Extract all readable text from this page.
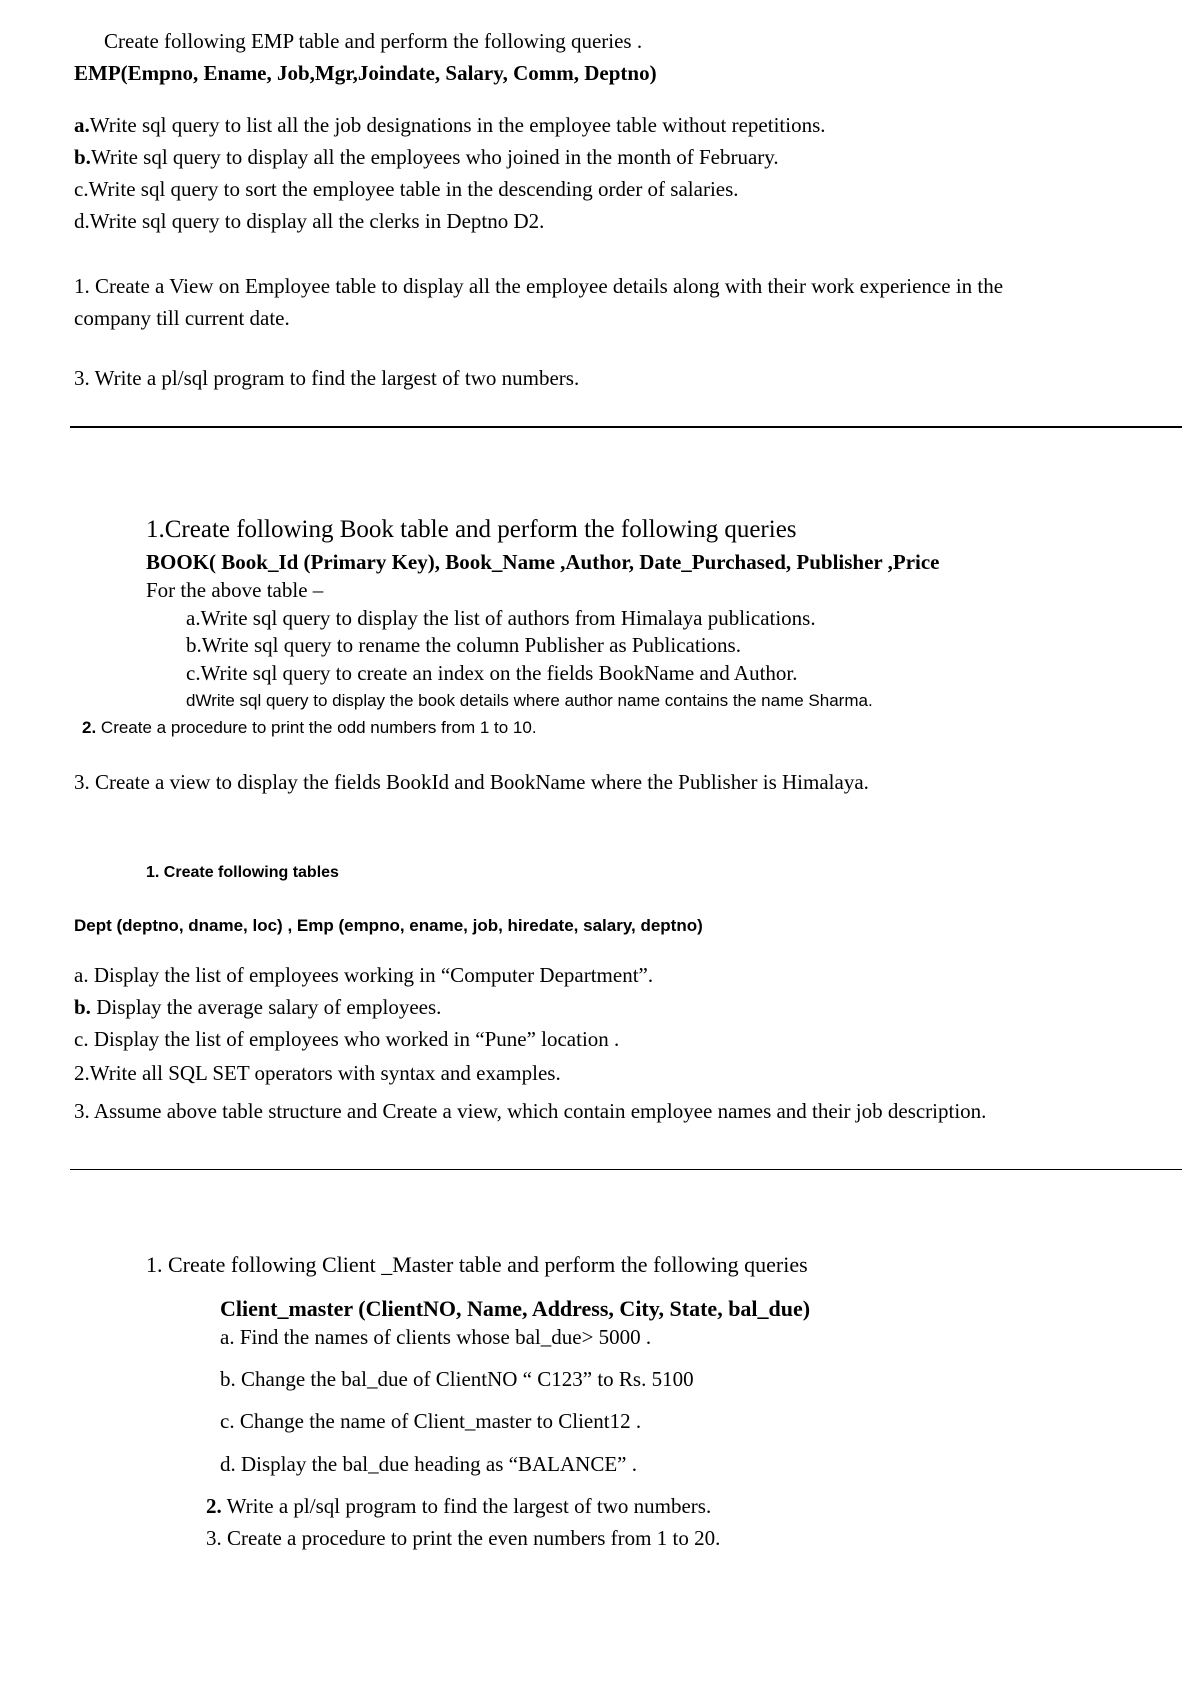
Create following EMP table and perform the following queries .

EMP(Empno, Ename, Job,Mgr,Joindate, Salary, Comm, Deptno)

a.Write sql query to list all the job designations in the employee table without repetitions.

b.Write sql query to display all the employees who joined in the month of February.

c.Write sql query to sort the employee table in the descending order of salaries.

d.Write sql query to display all the clerks in Deptno D2.

1. Create a View on Employee table to display all the employee details along with their work experience in the

company till current date.

3. Write a pl/sql program to find the largest of two numbers.

1.Create following Book table and perform the following queries

BOOK( Book_Id (Primary Key), Book_Name ,Author, Date_Purchased, Publisher ,Price

For the above table –

a.Write sql query to display the list of authors from Himalaya publications.

b.Write sql query to rename the column Publisher as Publications.

c.Write sql query to create an index on the fields BookName and Author.

dWrite sql query to display the book details where author name contains the name Sharma.

2. Create a procedure to print the odd numbers from 1 to 10.

3. Create a view to display the fields BookId and BookName where the Publisher is Himalaya.

1. Create following tables

Dept (deptno, dname, loc) , Emp (empno, ename, job, hiredate, salary, deptno)

a. Display the list of employees working in “Computer Department”.

b. Display the average salary of employees.

c. Display the list of employees who worked in “Pune” location .

2.Write all SQL SET operators with syntax and examples.

3. Assume above table structure and Create a view, which contain employee names and their job description.

1. Create following Client _Master table and perform the following queries

Client_master (ClientNO, Name, Address, City, State, bal_due)

a. Find the names of clients whose bal_due> 5000 .

b. Change the bal_due of ClientNO “ C123” to Rs. 5100

c. Change the name of Client_master to Client12 .

d. Display the bal_due heading as “BALANCE” .

2. Write a pl/sql program to find the largest of two numbers.

3. Create a procedure to print the even numbers from 1 to 20.
